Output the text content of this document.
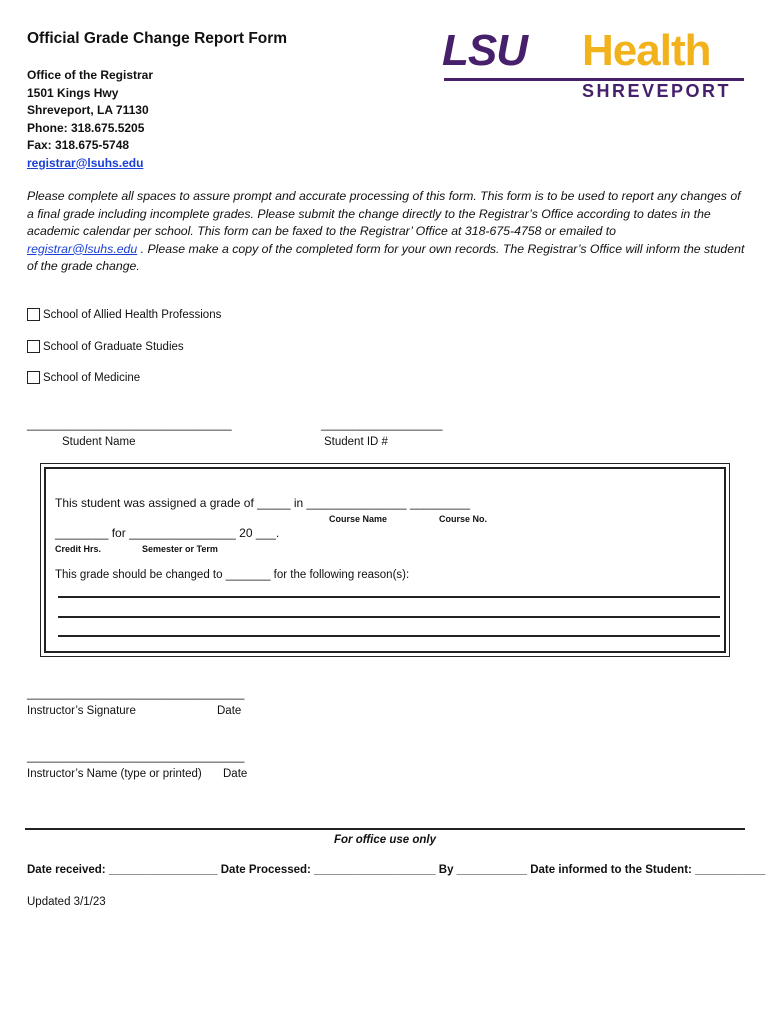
Official Grade Change Report Form
Office of the Registrar
1501 Kings Hwy
Shreveport, LA 71130
Phone: 318.675.5205
Fax: 318.675-5748
registrar@lsuhs.edu
LSU Health
SHREVEPORT
Please complete all spaces to assure prompt and accurate processing of this form. This form is to be used to report any changes of a final grade including incomplete grades. Please submit the change directly to the Registrar’s Office according to dates in the academic calendar per school. This form can be faxed to the Registrar’ Office at 318-675-4758 or emailed to
registrar@lsuhs.edu . Please make a copy of the completed form for your own records. The Registrar’s Office will inform the student of the grade change.
School of Allied Health Professions
School of Graduate Studies
School of Medicine
________________________________
Student Name
___________________
Student ID #
This student was assigned a grade of _____ in _______________ _________
Course Name	Course No.
________ for ________________ 20 ___.
Credit Hrs.	Semester or Term
This grade should be changed to _______ for the following reason(s):
__________________________________
Instructor’s Signature	Date
__________________________________
Instructor’s Name (type or printed) Date
For office use only
Date received: _________________ Date Processed: ___________________ By ___________ Date informed to the Student: ___________
Updated 3/1/23
